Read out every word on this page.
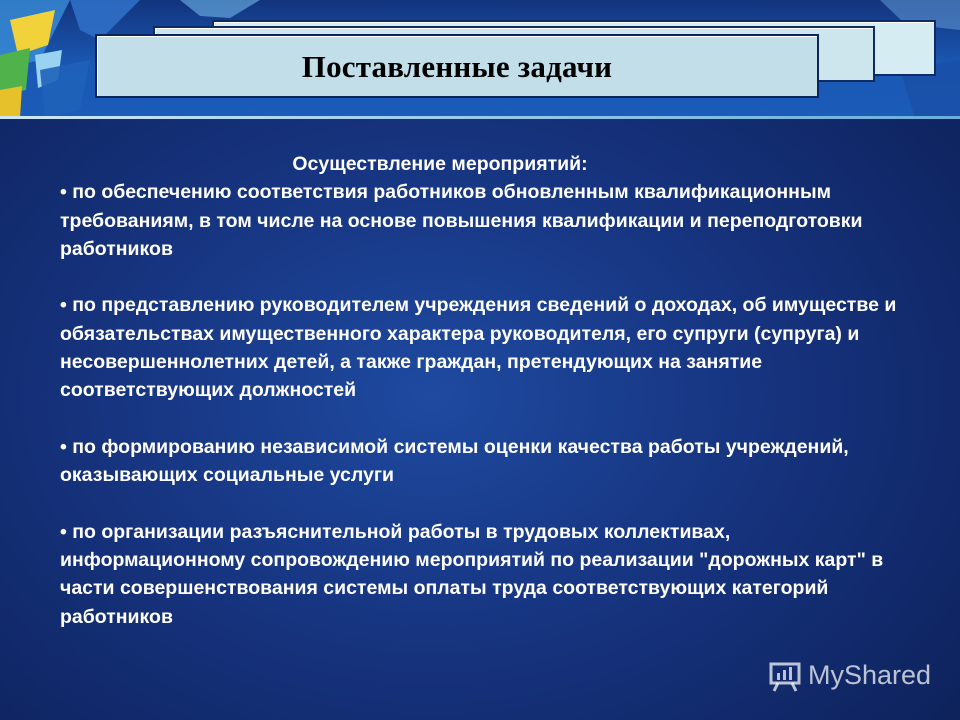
Поставленные задачи
Осуществление мероприятий:

• по обеспечению соответствия работников обновленным квалификационным требованиям, в том числе на основе повышения квалификации и переподготовки работников

• по представлению руководителем учреждения сведений о доходах, об имуществе и обязательствах имущественного характера руководителя, его супруги (супруга) и несовершеннолетних детей, а также граждан, претендующих на занятие соответствующих должностей

• по формированию независимой системы оценки качества работы учреждений, оказывающих социальные услуги

• по организации разъяснительной работы в трудовых коллективах, информационному сопровождению мероприятий по реализации "дорожных карт" в части совершенствования системы оплаты труда соответствующих категорий работников

MyShared
